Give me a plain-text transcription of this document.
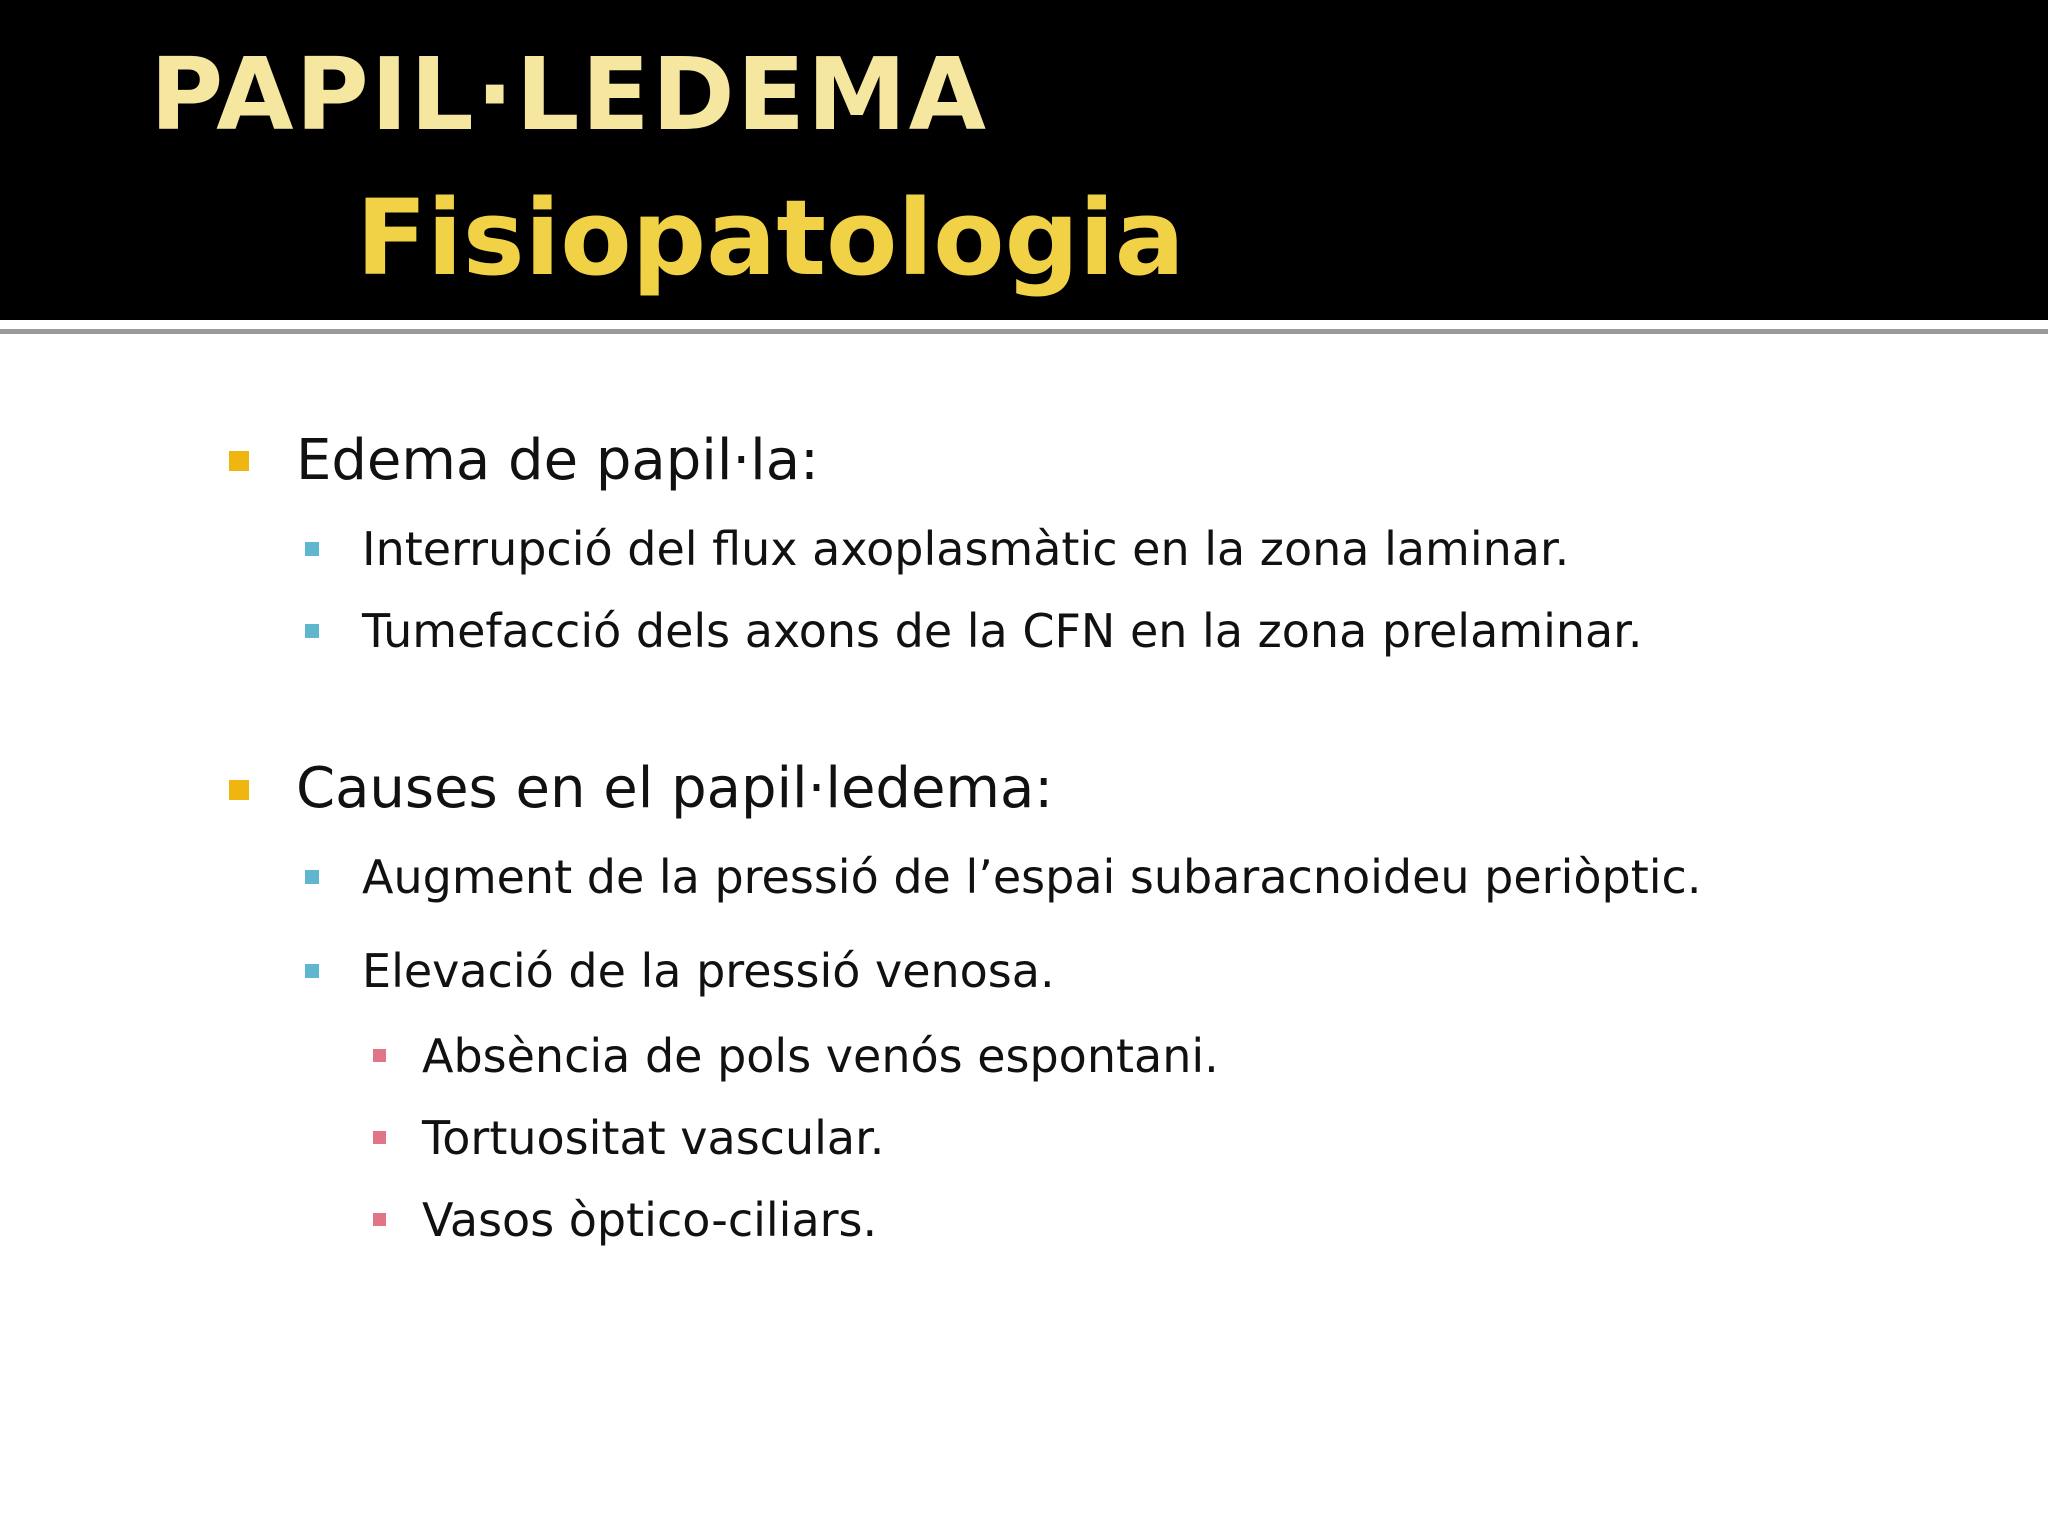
PAPIL·LEDEMA
Fisiopatologia
Edema de papil·la:
Interrupció del flux axoplasmàtic en la zona laminar.
Tumefacció dels axons de la CFN en la zona prelaminar.
Causes en el papil·ledema:
Augment de la pressió de l’espai subaracnoideu periòptic.
Elevació de la pressió venosa.
Absència de pols venós espontani.
Tortuositat vascular.
Vasos òptico-ciliars.
